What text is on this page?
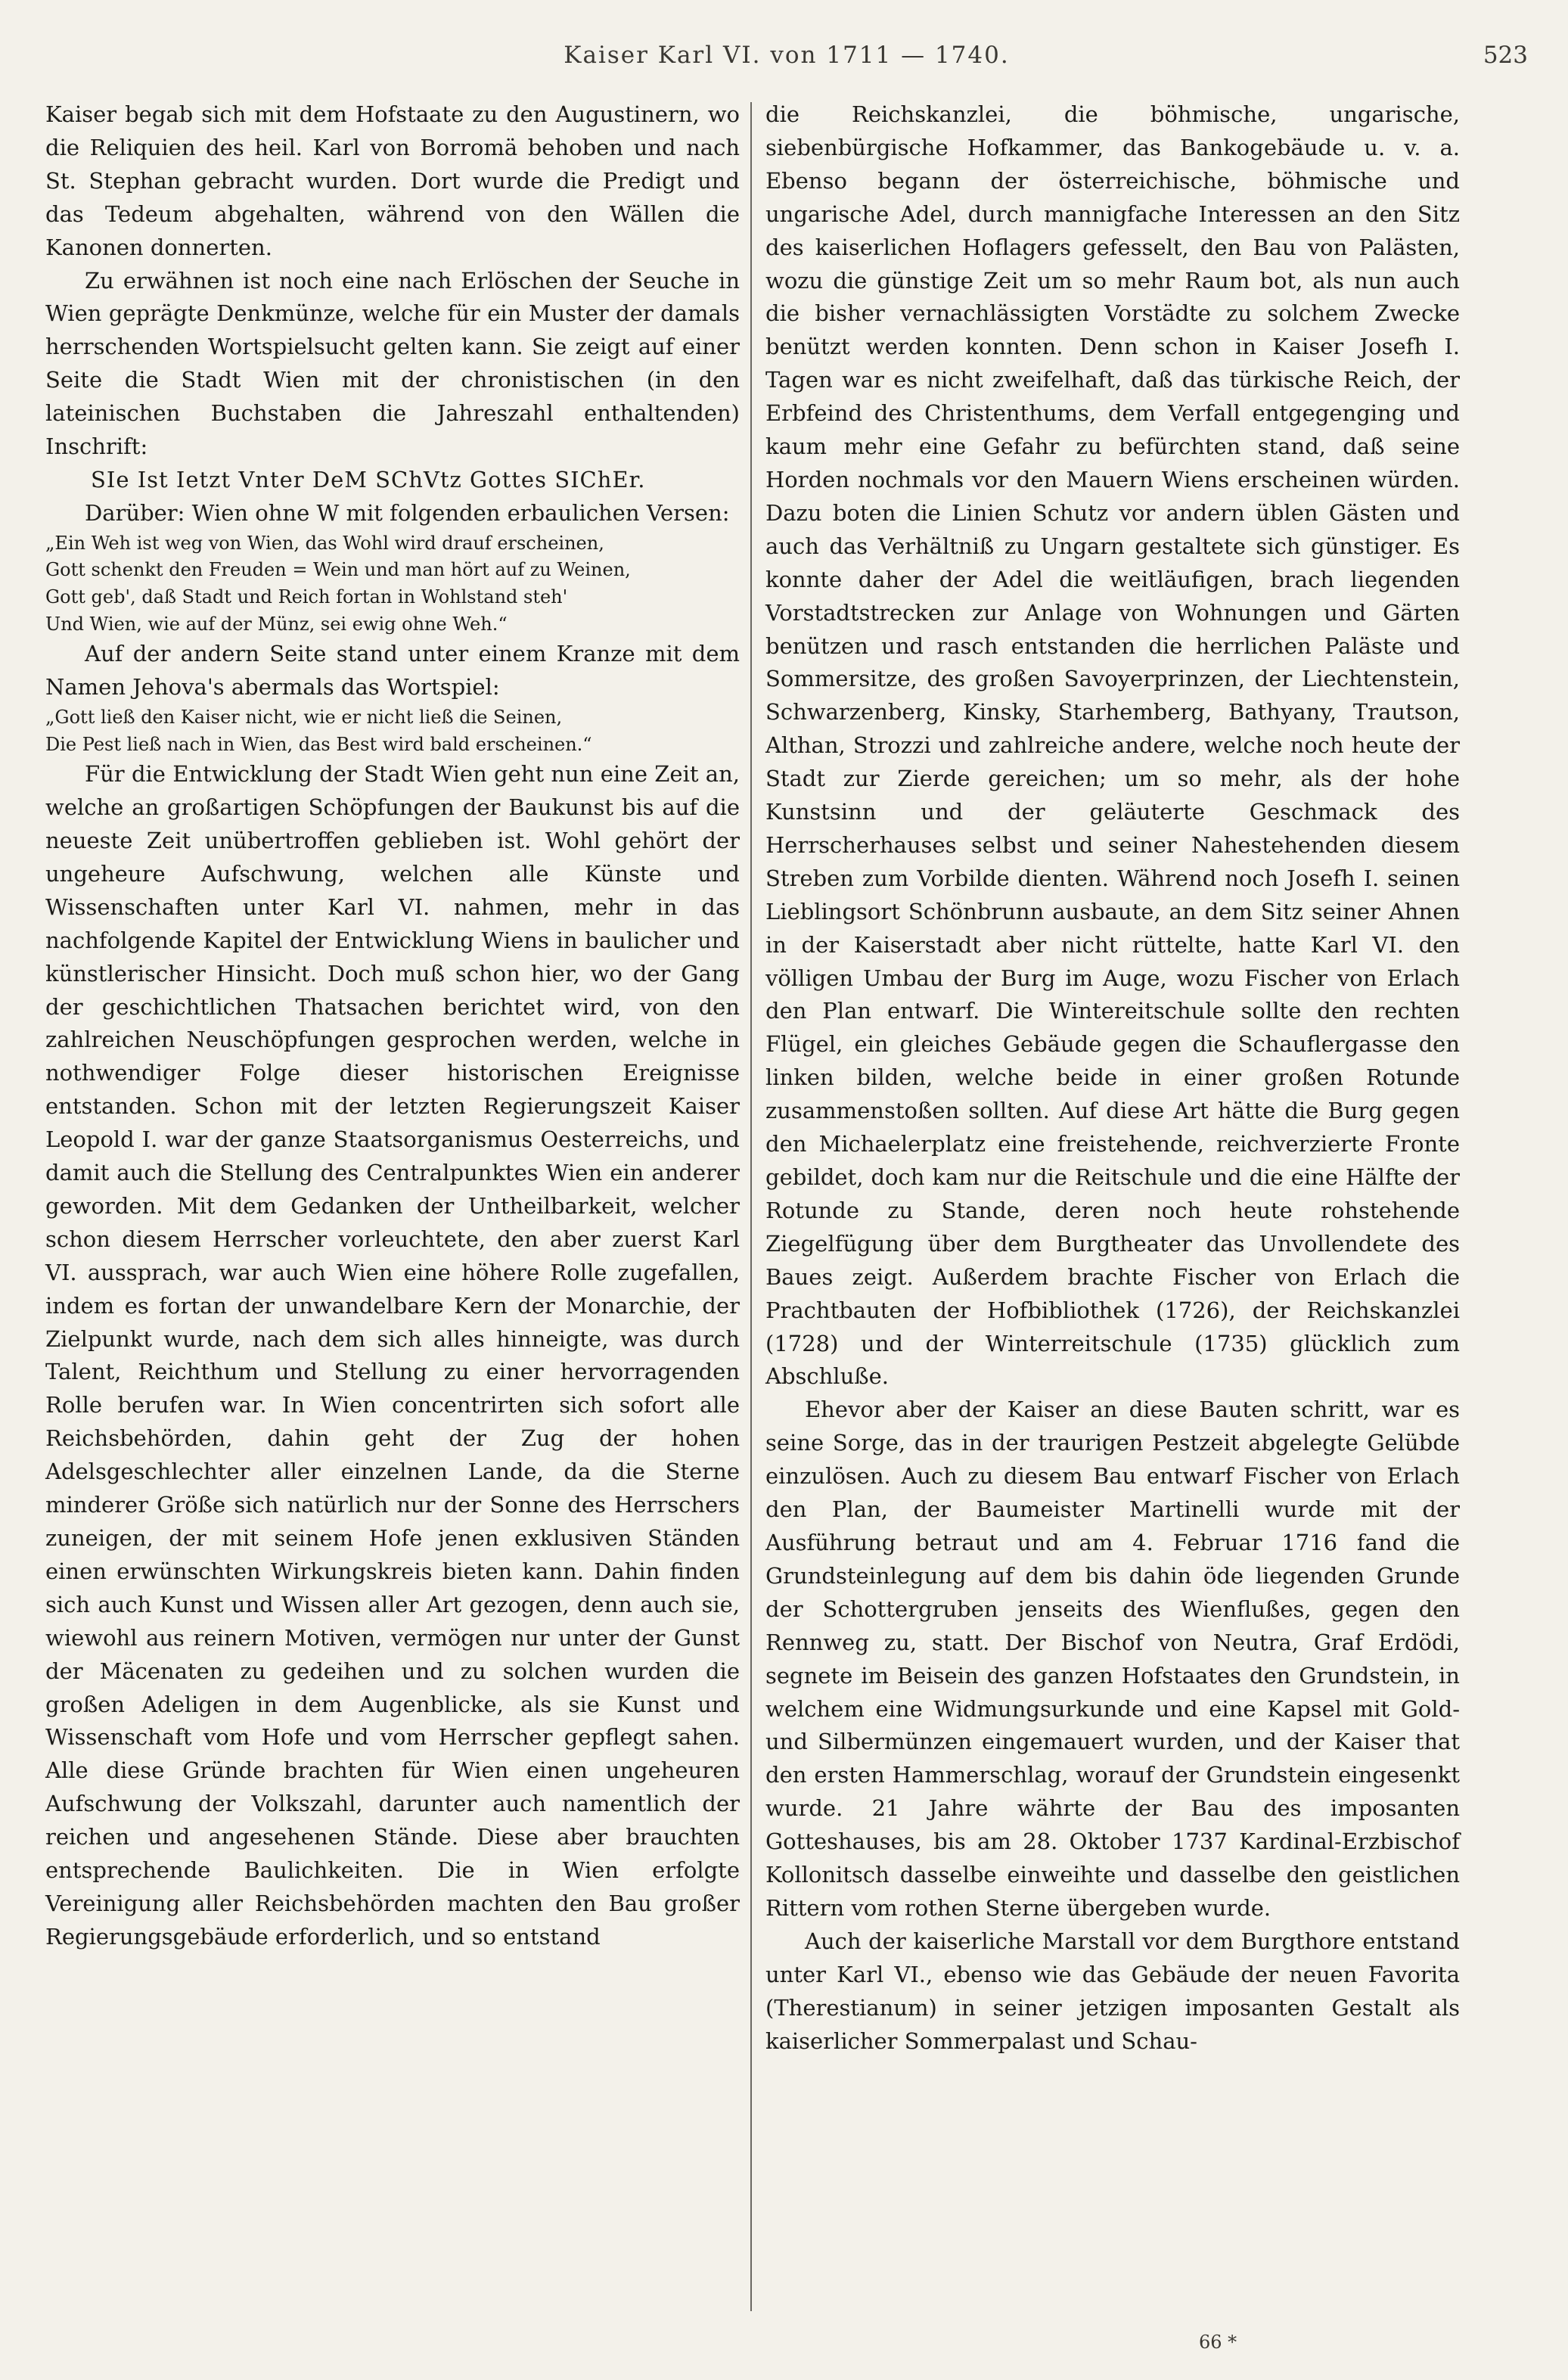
Kaiser Karl VI. von 1711 — 1740.	523

Kaiser begab sich mit dem Hofstaate zu den Augustinern, wo die Reliquien des heil. Karl von Borromä behoben und nach St. Stephan gebracht wurden. Dort wurde die Predigt und das Tedeum abgehalten, während von den Wällen die Kanonen donnerten.

Zu erwähnen ist noch eine nach Erlöschen der Seuche in Wien geprägte Denkmünze, welche für ein Muster der damals herrschenden Wortspielsucht gelten kann. Sie zeigt auf einer Seite die Stadt Wien mit der chronistischen (in den lateinischen Buchstaben die Jahreszahl enthaltenden) Inschrift:

SIe Ist Ietzt Vnter DeM SChVtz Gottes SIChEr.

Darüber: Wien ohne W mit folgenden erbaulichen Versen:

„Ein Weh ist weg von Wien, das Wohl wird drauf erscheinen,

Gott schenkt den Freuden = Wein und man hört auf zu Weinen,

Gott geb', daß Stadt und Reich fortan in Wohlstand steh'

Und Wien, wie auf der Münz, sei ewig ohne Weh.“

Auf der andern Seite stand unter einem Kranze mit dem Namen Jehova's abermals das Wortspiel:

„Gott ließ den Kaiser nicht, wie er nicht ließ die Seinen,

Die Pest ließ nach in Wien, das Best wird bald erscheinen.“

Für die Entwicklung der Stadt Wien geht nun eine Zeit an, welche an großartigen Schöpfungen der Baukunst bis auf die neueste Zeit unübertroffen geblieben ist. Wohl gehört der ungeheure Aufschwung, welchen alle Künste und Wissenschaften unter Karl VI. nahmen, mehr in das nachfolgende Kapitel der Entwicklung Wiens in baulicher und künstlerischer Hinsicht. Doch muß schon hier, wo der Gang der geschichtlichen Thatsachen berichtet wird, von den zahlreichen Neuschöpfungen gesprochen werden, welche in nothwendiger Folge dieser historischen Ereignisse entstanden. Schon mit der letzten Regierungszeit Kaiser Leopold I. war der ganze Staatsorganismus Oesterreichs, und damit auch die Stellung des Centralpunktes Wien ein anderer geworden. Mit dem Gedanken der Untheilbarkeit, welcher schon diesem Herrscher vorleuchtete, den aber zuerst Karl VI. aussprach, war auch Wien eine höhere Rolle zugefallen, indem es fortan der unwandelbare Kern der Monarchie, der Zielpunkt wurde, nach dem sich alles hinneigte, was durch Talent, Reichthum und Stellung zu einer hervorragenden Rolle berufen war. In Wien concentrirten sich sofort alle Reichsbehörden, dahin geht der Zug der hohen Adelsgeschlechter aller einzelnen Lande, da die Sterne minderer Größe sich natürlich nur der Sonne des Herrschers zuneigen, der mit seinem Hofe jenen exklusiven Ständen einen erwünschten Wirkungskreis bieten kann. Dahin finden sich auch Kunst und Wissen aller Art gezogen, denn auch sie, wiewohl aus reinern Motiven, vermögen nur unter der Gunst der Mäcenaten zu gedeihen und zu solchen wurden die großen Adeligen in dem Augenblicke, als sie Kunst und Wissenschaft vom Hofe und vom Herrscher gepflegt sahen. Alle diese Gründe brachten für Wien einen ungeheuren Aufschwung der Volkszahl, darunter auch namentlich der reichen und angesehenen Stände. Diese aber brauchten entsprechende Baulichkeiten. Die in Wien erfolgte Vereinigung aller Reichsbehörden machten den Bau großer Regierungsgebäude erforderlich, und so entstand

die Reichskanzlei, die böhmische, ungarische, siebenbürgische Hofkammer, das Bankogebäude u. v. a. Ebenso begann der österreichische, böhmische und ungarische Adel, durch mannigfache Interessen an den Sitz des kaiserlichen Hoflagers gefesselt, den Bau von Palästen, wozu die günstige Zeit um so mehr Raum bot, als nun auch die bisher vernachlässigten Vorstädte zu solchem Zwecke benützt werden konnten. Denn schon in Kaiser Josefh I. Tagen war es nicht zweifelhaft, daß das türkische Reich, der Erbfeind des Christenthums, dem Verfall entgegenging und kaum mehr eine Gefahr zu befürchten stand, daß seine Horden nochmals vor den Mauern Wiens erscheinen würden. Dazu boten die Linien Schutz vor andern üblen Gästen und auch das Verhältniß zu Ungarn gestaltete sich günstiger. Es konnte daher der Adel die weitläufigen, brach liegenden Vorstadtstrecken zur Anlage von Wohnungen und Gärten benützen und rasch entstanden die herrlichen Paläste und Sommersitze, des großen Savoyerprinzen, der Liechtenstein, Schwarzenberg, Kinsky, Starhemberg, Bathyany, Trautson, Althan, Strozzi und zahlreiche andere, welche noch heute der Stadt zur Zierde gereichen; um so mehr, als der hohe Kunstsinn und der geläuterte Geschmack des Herrscherhauses selbst und seiner Nahestehenden diesem Streben zum Vorbilde dienten. Während noch Josefh I. seinen Lieblingsort Schönbrunn ausbaute, an dem Sitz seiner Ahnen in der Kaiserstadt aber nicht rüttelte, hatte Karl VI. den völligen Umbau der Burg im Auge, wozu Fischer von Erlach den Plan entwarf. Die Wintereitschule sollte den rechten Flügel, ein gleiches Gebäude gegen die Schauflergasse den linken bilden, welche beide in einer großen Rotunde zusammenstoßen sollten. Auf diese Art hätte die Burg gegen den Michaelerplatz eine freistehende, reichverzierte Fronte gebildet, doch kam nur die Reitschule und die eine Hälfte der Rotunde zu Stande, deren noch heute rohstehende Ziegelfügung über dem Burgtheater das Unvollendete des Baues zeigt. Außerdem brachte Fischer von Erlach die Prachtbauten der Hofbibliothek (1726), der Reichskanzlei (1728) und der Winterreitschule (1735) glücklich zum Abschluße.

Ehevor aber der Kaiser an diese Bauten schritt, war es seine Sorge, das in der traurigen Pestzeit abgelegte Gelübde einzulösen. Auch zu diesem Bau entwarf Fischer von Erlach den Plan, der Baumeister Martinelli wurde mit der Ausführung betraut und am 4. Februar 1716 fand die Grundsteinlegung auf dem bis dahin öde liegenden Grunde der Schottergruben jenseits des Wienflußes, gegen den Rennweg zu, statt. Der Bischof von Neutra, Graf Erdödi, segnete im Beisein des ganzen Hofstaates den Grundstein, in welchem eine Widmungsurkunde und eine Kapsel mit Gold- und Silbermünzen eingemauert wurden, und der Kaiser that den ersten Hammerschlag, worauf der Grundstein eingesenkt wurde. 21 Jahre währte der Bau des imposanten Gotteshauses, bis am 28. Oktober 1737 Kardinal-Erzbischof Kollonitsch dasselbe einweihte und dasselbe den geistlichen Rittern vom rothen Sterne übergeben wurde.

Auch der kaiserliche Marstall vor dem Burgthore entstand unter Karl VI., ebenso wie das Gebäude der neuen Favorita (Therestianum) in seiner jetzigen imposanten Gestalt als kaiserlicher Sommerpalast und Schau-

66 *
